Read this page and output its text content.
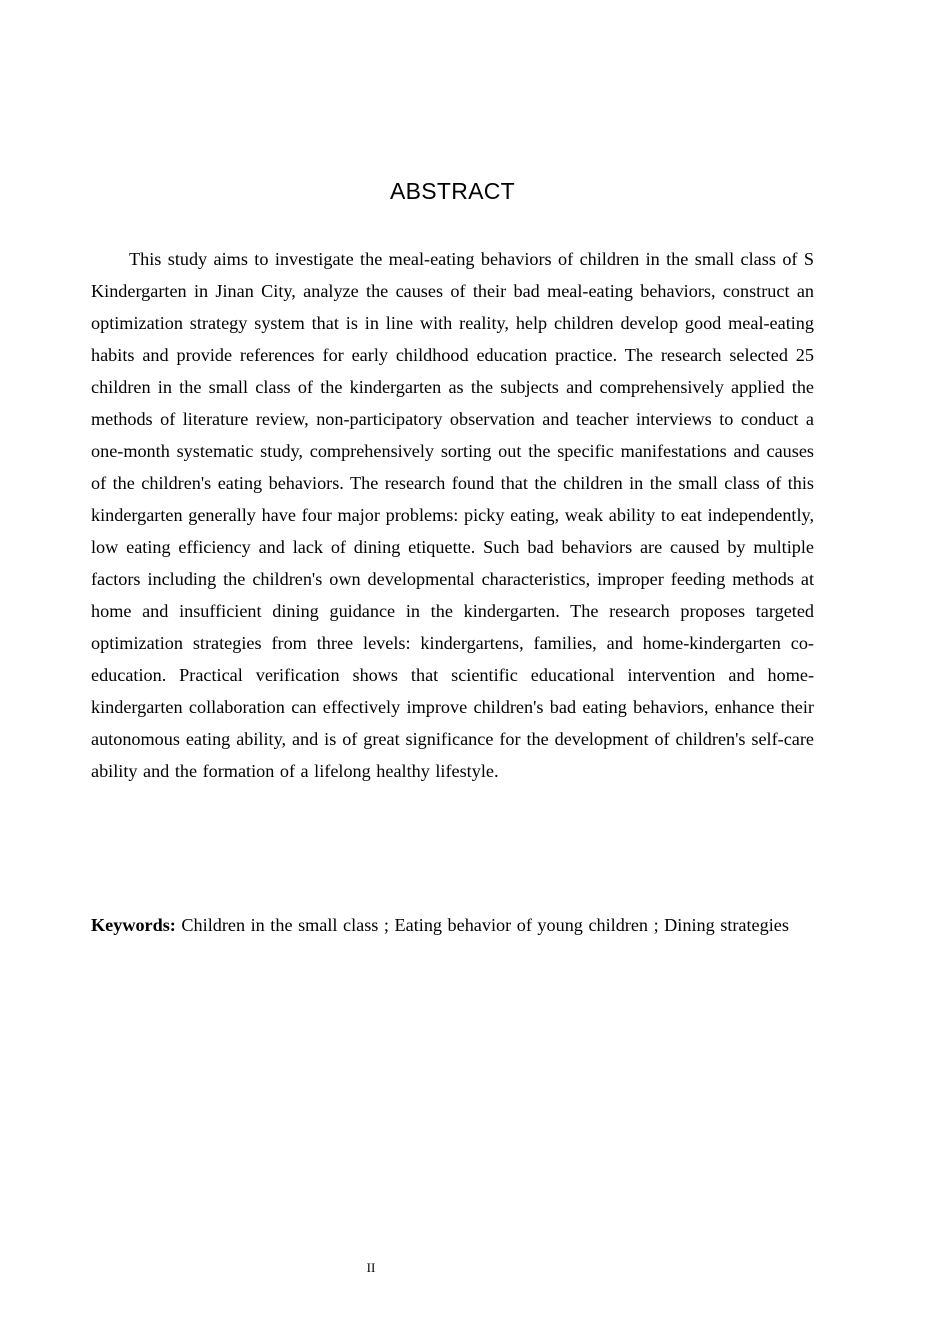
ABSTRACT

This study aims to investigate the meal-eating behaviors of children in the small class of S Kindergarten in Jinan City, analyze the causes of their bad meal-eating behaviors, construct an optimization strategy system that is in line with reality, help children develop good meal-eating habits and provide references for early childhood education practice. The research selected 25 children in the small class of the kindergarten as the subjects and comprehensively applied the methods of literature review, non-participatory observation and teacher interviews to conduct a one-month systematic study, comprehensively sorting out the specific manifestations and causes of the children's eating behaviors. The research found that the children in the small class of this kindergarten generally have four major problems: picky eating, weak ability to eat independently, low eating efficiency and lack of dining etiquette. Such bad behaviors are caused by multiple factors including the children's own developmental characteristics, improper feeding methods at home and insufficient dining guidance in the kindergarten. The research proposes targeted optimization strategies from three levels: kindergartens, families, and home-kindergarten co-education. Practical verification shows that scientific educational intervention and home-kindergarten collaboration can effectively improve children's bad eating behaviors, enhance their autonomous eating ability, and is of great significance for the development of children's self-care ability and the formation of a lifelong healthy lifestyle.

Keywords: Children in the small class ; Eating behavior of young children ; Dining strategies

II
